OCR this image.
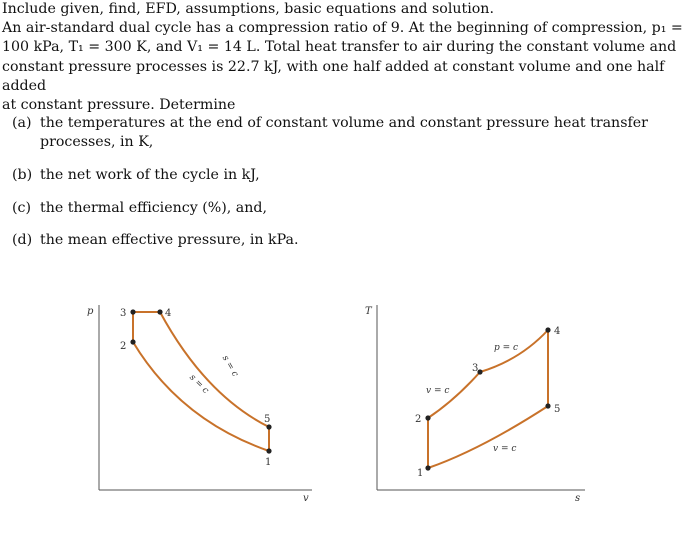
Include given, find, EFD, assumptions, basic equations and solution.

An air-standard dual cycle has a compression ratio of 9. At the beginning of compression, p₁ =

100 kPa, T₁ = 300 K, and V₁ = 14 L. Total heat transfer to air during the constant volume and

constant pressure processes is 22.7 kJ, with one half added at constant volume and one half added

at constant pressure. Determine

(a) the temperatures at the end of constant volume and constant pressure heat transfer processes, in K,
(b) the net work of the cycle in kJ,
(c) the thermal efficiency (%), and,
(d) the mean effective pressure, in kPa.
p
v
3	4
2
5
1
s = c
s = c
T
s
4
3
5
2
1
p = c
v = c
v = c
